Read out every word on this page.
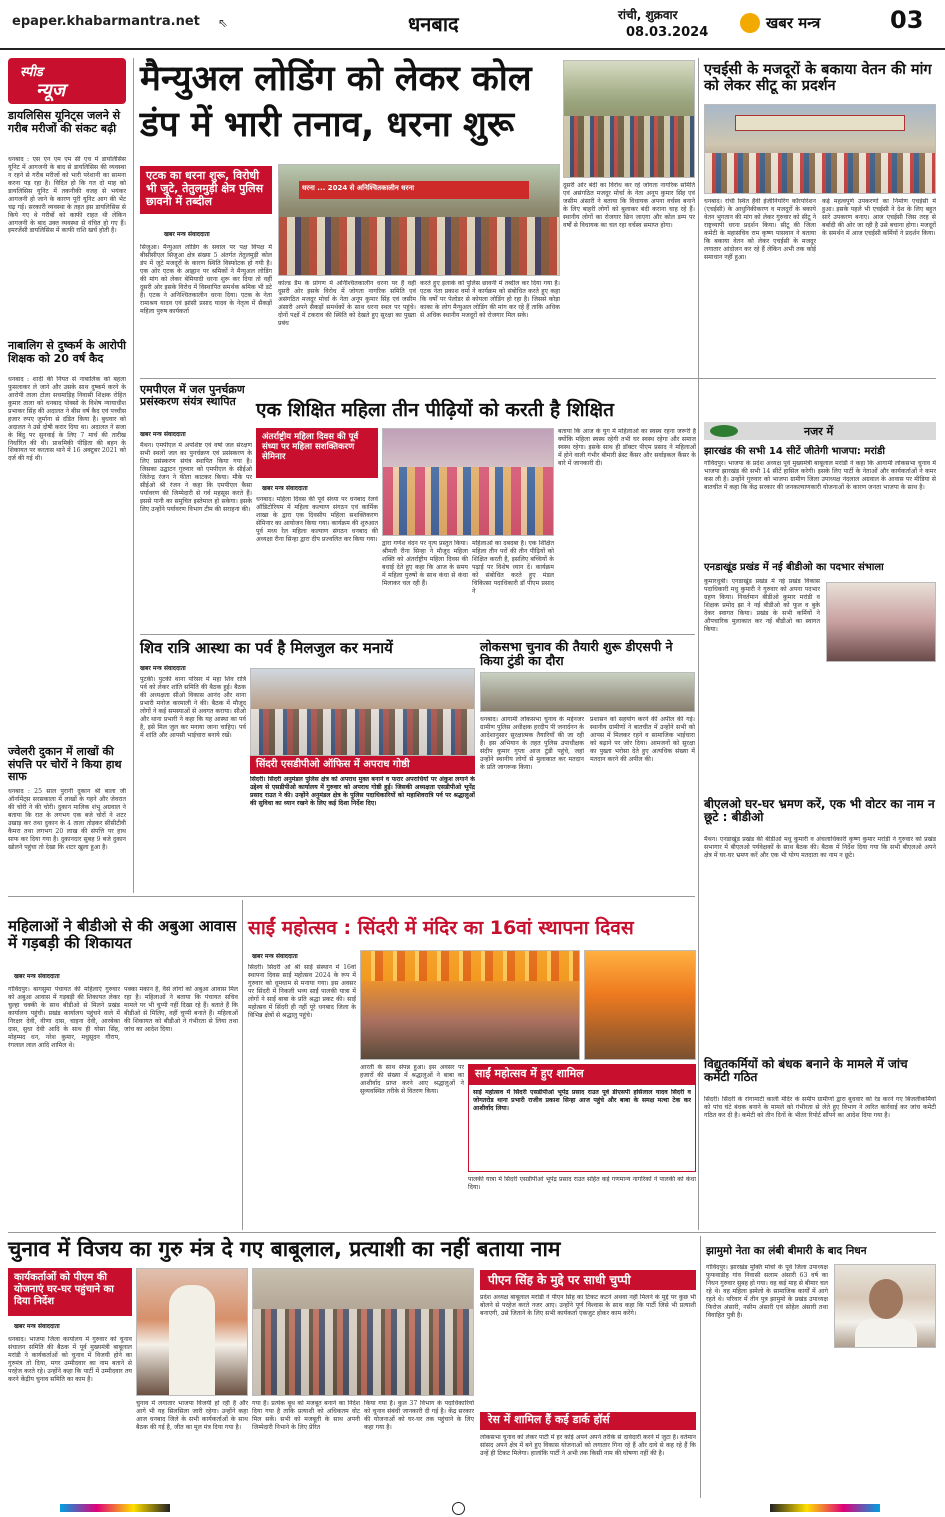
epaper.khabarmantra.net ⇖	धनबाद	रांची, शुक्रवार
08.03.2024
खबर मन्त्र	03
स्पीड
न्यूज
डायलिसिस यूनिट्स जलने से गरीब मरीजों की संकट बढ़ी
धनबाद : एस एन एम एम सी एच में डायलिसिस यूनिट में आगजनी के बाद से डायलिसिस की व्यवस्था न रहने से गरीब मरीजों को भारी परेशानी का सामना करना पड़ रहा है। विदित हो कि गत दो माह को डायलिसिस यूनिट में तकनीकी वजह से भयंकर आगजनी हो जाने के कारण पूरी यूनिट आग की भेंट चढ़ गई। सरकारी व्यवस्था के तहत इस डायलिसिस से किये गए थे गरीबों को काफी राहत थी लेकिन आगजनी के बाद उक्त व्यवस्था से वंचित हो गए हैं। इमरजेंसी डायलिसिस में काफी राशि खर्च होती है।
नाबालिग से दुष्कर्म के आरोपी शिक्षक को 20 वर्ष कैद
धनबाद : शादी की नियत से नाबालिक को बहला फुसलाकर ले जाने और उसके साथ दुष्कर्म करने के आरोपी ताला टोला सचमाड़िह निवासी शिक्षक रोहित कुमार ताला को धनबाद पोक्सो के विशेष न्यायाधीश प्रभाकर सिंह की अदालत ने बीस वर्ष कैद एवं पच्चीस हजार रुपए जुर्माना से दंडित किया है। बुधवार को अदालत ने उसे दोषी करार दिया था। अदालत ने सजा के बिंदु पर सुनवाई के लिए 7 मार्च की तारीख निर्धारित की थी। प्राथमिकी पीड़िता की बहन के शिकायत पर करतास थाने में 16 अक्टूबर 2021 को दर्ज की गई थी।
ज्वेलरी दुकान में लाखों की संपत्ति पर चोरों ने किया हाथ साफ
धनबाद : 25 साल पुरानी दुकान श्री बाला जी ऑर्नामेंट्स सरसकाला में लाखों के गहने और जेवरात की चोरी ने की चोरी। दुकान मालिक शंभु अग्रवाल ने बताया कि रात के लगभग एक बजे चोरों ने शटर उखाड़ कर तथा दुकान के 4 ताला तोड़कर सीसीटीवी कैमरा तथा लगभग 20 लाख की संपत्ति पर हाथ साफ कर दिया गया है। दुकानदार सुबह 9 बजे दुकान खोलने पहुंचा तो देखा कि शटर खुला हुआ है।
मैन्युअल लोडिंग को लेकर कोल
डंप में भारी तनाव, धरना शुरू
एटक का धरना शुरू, विरोधी भी जुटे, तेतुलमुड़ी क्षेत्र पुलिस छावनी में तब्दील
धरना ... 2024 से अनिश्चितकालीन धरना
खबर मन्त्र संवाददाता
सिजुआ। मैन्युअल लोडिंग के सवाल पर पक्ष विपक्ष में बीसीसीएल सिजुआ क्षेत्र संख्या 5 अंतर्गत तेतुलमुड़ी कोल डंप में जुटे मजदूरों के कारण स्थिति विस्फोटक हो गयी है। एक ओर एटक के आह्वान पर श्रमिकों ने मैन्युअल लोडिंग की मांग को लेकर बेमियादी धरना शुरू कर दिया तो वहीं दूसरी ओर इसके विरोध में विस्थापित समर्थक श्रमिक भी डटे हैं। एटक ने अनिश्चितकालीन धरना दिया। एटक के नेता रामाश्रय यादव एवं झांसी प्रसाद यादव के नेतृत्व में सैकड़ों महिला पुरुष कार्यकर्ता
कोल्ड डैम के प्रांगण में अनिश्चितकालीन धरना पर हैं वहीं दूसरी ओर इसके विरोध में जोगता नागरिक समिति एवं असंगठित मजदूर मोर्चा के नेता अनूप कुमार सिंह एवं जसीम अंसारी अपने सैकड़ों समर्थकों के साथ धरना स्थल पर पहुंचे। दोनों पक्षों में टकराव की स्थिति को देखते हुए सुरक्षा का पुख्ता प्रबंध
करते हुए इलाके को पुलिस छावनी में तब्दील कर दिया गया है। एटक नेता प्रकाश वर्मा ने कार्यक्रम को संबोधित करते हुए कहा कि वर्षों पर पेलोडर से कोयला लोडिंग हो रहा है। जिससे कोड़ा काका के लोग मैन्युअल लोडिंग की मांग कर रहे हैं ताकि अधिक से अधिक स्थानीय मजदूरों को रोजगार मिल सके।
दूसरी ओर बंदी का विरोध कर रहे जोगता नागरिक समिति एवं असंगठित मजदूर मोर्चा के नेता अनूप कुमार सिंह एवं जसीम अंसारी ने बताया कि विधायक अपना वर्चस्व बनाने के लिए बाहरी लोगों को बुलाकर बंदी कराना चाह रहे हैं। स्थानीय लोगों का रोजगार छिन जाएगा और कोल डम्प पर वर्षों से विधायक का चल रहा वर्चस्व समाप्त होगा।
एचईसी के मजदूरों के बकाया वेतन की मांग को लेकर सीटू का प्रदर्शन
धनबाद। रांची स्थित हैवी इंजीनियरिंग कॉरपोरेशन (एचईसी) के आधुनिकीकरण व मजदूरों के बकाये वेतन भुगतान की मांग को लेकर गुरुवार को सीटू ने राष्ट्रव्यापी धरना प्रदर्शन किया। सीटू की जिला कमेटी के महासचिव राम कृष्ण पासवान ने बताया कि बकाया वेतन को लेकर एचईसी के मजदूर लगातार आंदोलन कर रहे हैं लेकिन अभी तक कोई समाधान नहीं हुआ।
कई महत्वपूर्ण उपकरणों का निर्माण एचईसी में हुआ। इसके पहले भी एचईसी ने देश के लिए बहुत सारे उपकरण बनाए। आज एचईसी जिस तरह से बर्बादी की ओर जा रही है उसे बचाना होगा। मजदूरों के समर्थन में आज एचईसी कर्मियों ने प्रदर्शन किया।
एमपीएल में जल पुनर्चक्रण प्रसंस्करण संयंत्र स्थापित
खबर मन्त्र संवाददाता
मैथन। एमपीएल में अपशिष्ट एवं वर्षा जल संरक्षण सभी स्थलों जल का पुनर्चक्रण एवं प्रसंस्करण के लिए प्रसंस्करण संयंत्र स्थापित किया गया है। जिसका उद्घाटन गुरुवार को एमपीएल के सीईओ जितेन्द्र रंजन ने फीता काटकर किया। मौके पर सीईओ श्री रंजन ने कहा कि एमपीएल कैसा पर्यावरण की जिम्मेदारी से गर्व महसूस करते हैं। इससे पानी का समुचित इस्तेमाल हो सकेगा। इसके लिए उन्होंने पर्यावरण विभाग टीम की सराहना की।
एक शिक्षित महिला तीन पीढ़ियों को करती है शिक्षित
अंतर्राष्ट्रीय महिला दिवस की पूर्व संध्या पर महिला सशक्तिकरण सेमिनार
खबर मन्त्र संवाददाता
धनबाद। महिला दिवस की पूर्व संध्या पर धनबाद रेलवे ऑडिटोरियम में महिला कल्याण संगठन एवं कार्मिक शाखा के द्वारा एक दिवसीय महिला सशक्तिकरण सेमिनार का आयोजन किया गया। कार्यक्रम की शुरुआत पूर्व मध्य रेल महिला कल्याण संगठन धनबाद की अध्यक्षा रीना सिन्हा द्वारा दीप प्रज्वलित कर किया गया।
द्वारा गणेश वंदन पर नृत्य प्रस्तुत किया। श्रीमती रीना सिन्हा ने मौजूद महिला शक्ति को अंतर्राष्ट्रीय महिला दिवस की बधाई देते हुए कहा कि आज के समय में महिला पुरुषों के साथ कंधा से कंधा मिलाकर चल रही हैं।
महिलाओं का दबदबा है। एक शिक्षित महिला तीन परों की तीन पीढ़ियों को शिक्षित करती है, इसलिए बच्चियों के पढ़ाई पर विशेष ध्यान दें। कार्यक्रम को संबोधित करते हुए मंडल चिकित्सा पदाधिकारी डॉ पीएम प्रसाद ने
बताया कि आज के युग में महिलाओं का स्वस्थ रहना जरूरी है क्योंकि महिला स्वस्थ रहेगी तभी घर स्वस्थ रहेगा और समाज स्वस्थ रहेगा। इसके साथ ही डॉक्टर पीएम प्रसाद ने महिलाओं में होने वाली गंभीर बीमारी ब्रेस्ट कैंसर और सर्वाइकल कैंसर के बारे में जानकारी दी।
नजर में
झारखंड की सभी 14 सीटें जीतेगी भाजपा: मरांडी
गोविंदपुर। भाजपा के प्रदेश अध्यक्ष पूर्व मुख्यमंत्री बाबूलाल मरांडी ने कहा कि आगामी लोकसभा चुनाव में भाजपा झारखंड की सभी 14 सीटें हासिल करेगी। इसके लिए पार्टी के नेताओं और कार्यकर्ताओं ने कमर कस ली है। उन्होंने गुरुवार को भाजपा ग्रामीण जिला उपाध्यक्ष नंदलाल अग्रवाल के आवास पर मीडिया से बातचीत में कहा कि केंद्र सरकार की जनकल्याणकारी योजनाओं के कारण जनता भाजपा के साथ है।
एनडाखूंड प्रखंड में नई बीडीओ का पदभार संभाला
कुमारधुबी। एनडाखूंड प्रखंड में नई प्रखंड विकास पदाधिकारी मधु कुमारी ने गुरुवार को अपना पदभार ग्रहण किया। निवर्तमान बीडीओ कुमार मरांडी व शिक्षक प्रमोद झा ने नई बीडीओ को फूल व बुके देकर स्वागत किया। प्रखंड के सभी कर्मियों ने औपचारिक मुलाकात कर नई बीडीओ का स्वागत किया।
बीएलओ घर-घर भ्रमण करें, एक भी वोटर का नाम न छूटे : बीडीओ
मैथन। एनडाखूंड प्रखंड की बीडीओ मधु कुमारी व अंचलाधिकारी कृष्ण कुमार मरांडी ने गुरुवार को प्रखंड सभागार में बीएलओ पर्यवेक्षकों के साथ बैठक की। बैठक में निर्देश दिया गया कि सभी बीएलओ अपने क्षेत्र में घर-घर भ्रमण करें और एक भी योग्य मतदाता का नाम न छूटे।
विद्युतकर्मियों को बंधक बनाने के मामले में जांच कमेटी गठित
सिंदरी। सिंदरी के रांगामाटी काली मंदिर के समीप ग्रामीणों द्वारा बुधवार को रेड करने गए बिजलीकर्मियों को पांच घंटे बंधक बनाने के मामले को गंभीरता से लेते हुए विभाग ने त्वरित कार्रवाई कर जांच कमेटी गठित कर दी है। कमेटी को तीन दिनों के भीतर रिपोर्ट सौंपने का आदेश दिया गया है।
शिव रात्रि आस्था का पर्व है मिलजुल कर मनायें
खबर मन्त्र संवाददाता
पुटकी। पुटकी थाना परिसर में महा शिव रात्रि पर्व को लेकर शांति समिति की बैठक हुई। बैठक की अध्यक्षता सीओ विकास आनंद और थाना प्रभारी मनोज करमाली ने की। बैठक में मौजूद लोगों ने कई समस्याओं से अवगत कराया। सीओ और थाना प्रभारी ने कहा कि यह आस्था का पर्व है, इसे मिल जुल कर मनाया जाना चाहिए। पर्व में शांति और आपसी भाईचारा बनाये रखें।
सिंदरी एसडीपीओ ऑफिस में अपराध गोष्ठी
सिंदरी। सिंदरी अनुमंडल पुलिस क्षेत्र को अपराध मुक्त बनाने व फरार अपराधियों पर अंकुश लगाने के उद्देश्य से एसडीपीओ कार्यालय में गुरुवार को अपराध गोष्ठी हुई। जिसकी अध्यक्षता एसडीपीओ भूपेंद्र प्रसाद राउत ने की। उन्होंने अनुमंडल क्षेत्र के पुलिस पदाधिकारियों को महाशिवरात्रि पर्व पर श्रद्धालुओं की सुविधा का ध्यान रखने के लिए कई दिशा निर्देश दिए।
लोकसभा चुनाव की तैयारी शुरू डीएसपी ने किया टुंडी का दौरा
धनबाद। आगामी लोकसभा चुनाव के मद्देनजर ग्रामीण पुलिस अधीक्षक हरदीप पी जनार्दनन के आदेशानुसार सुरक्षात्मक तैयारियाँ की जा रही हैं। इस अभियान के तहत पुलिस उपाधीक्षक संदीप कुमार गुप्ता आज टुंडी पहुंचे, जहां उन्होंने स्थानीय लोगों से मुलाकात कर मतदान के प्रति जागरूक किया।
प्रशासन को सहयोग करने की अपील की गई। स्थानीय ग्रामीणों ने बातचीत में उन्होंने सभी को आपस में मिलकर रहने व सामाजिक भाईचारा को बढ़ाने पर जोर दिया। आमजनों को सुरक्षा का पुख्ता भरोसा देते हुए अत्यधिक संख्या में मतदान करने की अपील की।
महिलाओं ने बीडीओ से की अबुआ आवास में गड़बड़ी की शिकायत
खबर मन्त्र संवाददाता
गोविंदपुर। बागसुमा पंचायत की महिलाएं गुरुवार को अबुआ आवास में गड़बड़ी की शिकायत लेकर चुल्हा चक्की के साथ बीडीओ से मिलने प्रखंड कार्यालय पहुंची। प्रखंड कार्यालय पहुंचने वाले में निरक्षर देवी, वीणा दास, चाइना देवी, आरबेका दास, सुधा देवी आदि के साथ ही योसा सिंह, मोहम्मद धन, नरेश कुमार, मधुसूदन गौराप, रंगलाल लाल आदि शामिल थे।
पक्का मकान है, वैसे लोगों को अबुआ आवास मिल रहा है। महिलाओं ने बताया कि पंचायत सचिव मामले पर भी चुप्पी नहीं दिखा रहे हैं। बताते हैं कि बीडीओ से मिलिए, वहीं चुप्पी बनाते हैं। महिलाओं की शिकायत को बीडीओ ने गंभीरता से लिया तथा जांच का आदेश दिया।
साईं महोत्सव : सिंदरी में मंदिर का 16वां स्थापना दिवस
खबर मन्त्र संवाददाता
सिंदरी। सिंदरी ओ श्री साईं संस्थान में 16वां स्थापना दिवस साईं महोत्सव 2024 के रूप में गुरुवार को धूमधाम से मनाया गया। इस अवसर पर सिंदरी में निकली भव्य साईं पालकी यात्रा में लोगों ने साईं बाबा के प्रति श्रद्धा प्रकट की। साईं महोत्सव में सिंदरी ही नहीं पूरे धनबाद जिला के विभिन्न क्षेत्रों से श्रद्धालु पहुंचे।
आरती के साथ संपन्न हुआ। इस अवसर पर हजारों की संख्या में श्रद्धालुओं ने बाबा का आशीर्वाद प्राप्त करने आए श्रद्धालुओं ने सुव्यवस्थित तरीके से वितरण किया।
साईं महोत्सव में हुए शामिल
साईं महोत्सव में सिंदरी एसडीपीओ भूपेंद्र प्रसाद राउत पूर्व डीएसपी हसिलाल यादव सिंदरी व जोगतरोड थाना प्रभारी राजीव प्रकाश सिन्हा आज पहुंचे और बाबा के समक्ष मत्था टेक कर आशीर्वाद लिया।
पालकी यात्रा में सिंदरी एसडीपीओ भूपेंद्र प्रसाद राउत सहित कई गणमान्य नागरिकों ने पालकी को कंधा दिया।
चुनाव में विजय का गुरु मंत्र दे गए बाबूलाल, प्रत्याशी का नहीं बताया नाम
कार्यकर्ताओं को पीएम की योजनाएं घर-घर पहुंचाने का दिया निर्देश
खबर मन्त्र संवाददाता
धनबाद। भाजपा जिला कार्यालय में गुरुवार को चुनाव संचालन समिति की बैठक में पूर्व मुख्यमंत्री बाबूलाल मरांडी ने कार्यकर्ताओं को चुनाव में विजयी होने का गुरुमंत्र तो दिया, मगर उम्मीदवार का नाम बताने से परहेज करते रहे। उन्होंने कहा कि पार्टी में उम्मीदवार तय करने केंद्रीय चुनाव समिति का काम है।
चुनाव में लगातार भाजपा विजयी हो रही है और आगे भी यह सिलसिला जारी रहेगा। उन्होंने कहा आज धनबाद जिले के सभी कार्यकर्ताओं के साथ बैठक की गई है, जीत का मूल मंत्र दिया गया है।
गया है। प्रत्येक बूथ को मजबूत बनाने का निर्देश दिया गया है ताकि प्रत्याशी को अधिकतम वोट मिल सकें। सभी को मजबूती के साथ अपनी जिम्मेदारी निभाने के लिए प्रेरित
किया गया है। कुल 37 विभाग के पदाधिकारियों को चुनाव संबंधी जानकारी दी गई है। केंद्र सरकार की योजनाओं को घर-घर तक पहुंचाने के लिए कहा गया है।
पीएन सिंह के मुद्दे पर साधी चुप्पी
प्रदेश अध्यक्ष बाबूलाल मरांडी ने पीएन सिंह का टिकट कटने अथवा नहीं मिलने के मुद्दे पर कुछ भी बोलने से परहेज करते नजर आए। उन्होंने पूर्ण विश्वास के साथ कहा कि पार्टी जिसे भी प्रत्याशी बनाएगी, उसे जिताने के लिए सभी कार्यकर्ता एकजुट होकर काम करेंगे।
रेस में शामिल हैं कई डार्क हॉर्स
लोकसभा चुनाव को लेकर पार्टी में हर कोई अपने अपने तरीके से दावेदारी करने में जुटा है। वर्तमान सांसद अपने क्षेत्र में बने हुए विकास योजनाओं को लगातार गिना रहे हैं और दावे से कह रहे हैं कि उन्हें ही टिकट मिलेगा। हालांकि पार्टी ने अभी तक किसी नाम की घोषणा नहीं की है।
झामुमो नेता का लंबी बीमारी के बाद निधन
गोविंदपुर। झारखंड मुक्ति मोर्चा के पूर्व जिला उपाध्यक्ष फुफवाडीह गांव निवासी सलाम अंसारी 63 वर्ष का निधन गुरुवार सुबह हो गया। वह कई माह से बीमार चल रहे थे। वह महिला झमेलो के सामाजिक कार्यों में आगे रहते थे। परिवार में तीन पुत्र झामुमो के प्रखंड उपाध्यक्ष फिरोज अंसारी, नसीम अंसारी एवं सोहेल अंसारी तथा विवाहित पुत्री है।
